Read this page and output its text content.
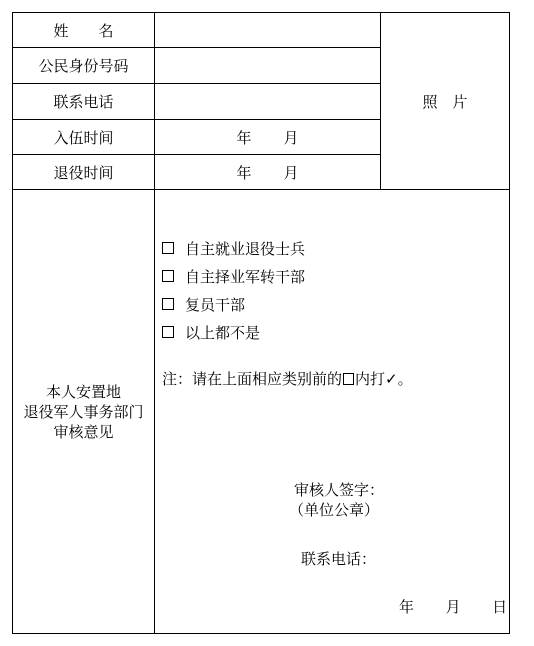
姓　　名
公民身份号码
联系电话
入伍时间
退役时间
年 月
年 月
照　片
本人安置地
退役军人事务部门
审核意见
自主就业退役士兵
自主择业军转干部
复员干部
以上都不是
注：请在上面相应类别前的 内打✓。
审核人签字：
（单位公章）
联系电话：
年 月 日
